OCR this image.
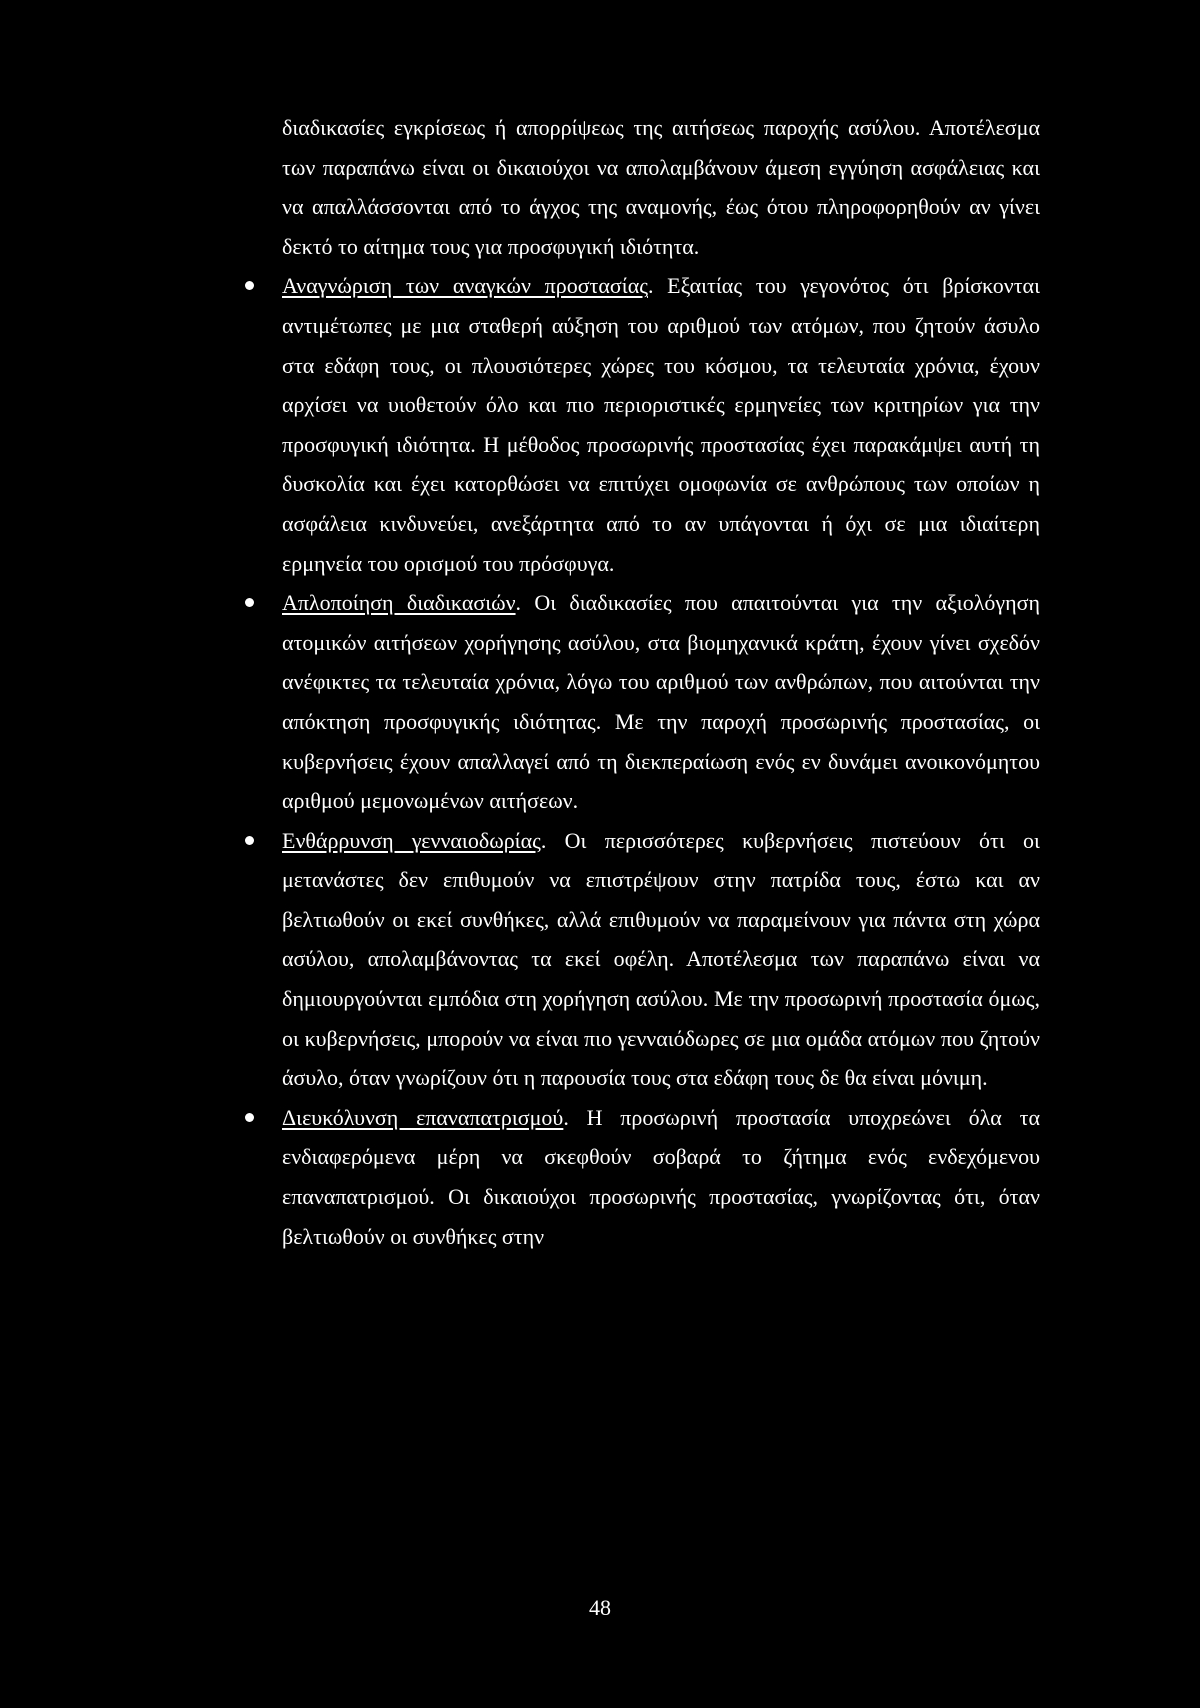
διαδικασίες εγκρίσεως ή απορρίψεως της αιτήσεως παροχής ασύλου. Αποτέλεσμα των παραπάνω είναι οι δικαιούχοι να απολαμβάνουν άμεση εγγύηση ασφάλειας και να απαλλάσσονται από το άγχος της αναμονής, έως ότου πληροφορηθούν αν γίνει δεκτό το αίτημα τους για προσφυγική ιδιότητα.

Αναγνώριση των αναγκών προστασίας. Εξαιτίας του γεγονότος ότι βρίσκονται αντιμέτωπες με μια σταθερή αύξηση του αριθμού των ατόμων, που ζητούν άσυλο στα εδάφη τους, οι πλουσιότερες χώρες του κόσμου, τα τελευταία χρόνια, έχουν αρχίσει να υιοθετούν όλο και πιο περιοριστικές ερμηνείες των κριτηρίων για την προσφυγική ιδιότητα. Η μέθοδος προσωρινής προστασίας έχει παρακάμψει αυτή τη δυσκολία και έχει κατορθώσει να επιτύχει ομοφωνία σε ανθρώπους των οποίων η ασφάλεια κινδυνεύει, ανεξάρτητα από το αν υπάγονται ή όχι σε μια ιδιαίτερη ερμηνεία του ορισμού του πρόσφυγα.
Απλοποίηση διαδικασιών. Οι διαδικασίες που απαιτούνται για την αξιολόγηση ατομικών αιτήσεων χορήγησης ασύλου, στα βιομηχανικά κράτη, έχουν γίνει σχεδόν ανέφικτες τα τελευταία χρόνια, λόγω του αριθμού των ανθρώπων, που αιτούνται την απόκτηση προσφυγικής ιδιότητας. Με την παροχή προσωρινής προστασίας, οι κυβερνήσεις έχουν απαλλαγεί από τη διεκπεραίωση ενός εν δυνάμει ανοικονόμητου αριθμού μεμονωμένων αιτήσεων.
Ενθάρρυνση γενναιοδωρίας. Οι περισσότερες κυβερνήσεις πιστεύουν ότι οι μετανάστες δεν επιθυμούν να επιστρέψουν στην πατρίδα τους, έστω και αν βελτιωθούν οι εκεί συνθήκες, αλλά επιθυμούν να παραμείνουν για πάντα στη χώρα ασύλου, απολαμβάνοντας τα εκεί οφέλη. Αποτέλεσμα των παραπάνω είναι να δημιουργούνται εμπόδια στη χορήγηση ασύλου. Με την προσωρινή προστασία όμως, οι κυβερνήσεις, μπορούν να είναι πιο γενναιόδωρες σε μια ομάδα ατόμων που ζητούν άσυλο, όταν γνωρίζουν ότι η παρουσία τους στα εδάφη τους δε θα είναι μόνιμη.
Διευκόλυνση επαναπατρισμού. Η προσωρινή προστασία υποχρεώνει όλα τα ενδιαφερόμενα μέρη να σκεφθούν σοβαρά το ζήτημα ενός ενδεχόμενου επαναπατρισμού. Οι δικαιούχοι προσωρινής προστασίας, γνωρίζοντας ότι, όταν βελτιωθούν οι συνθήκες στην
48
